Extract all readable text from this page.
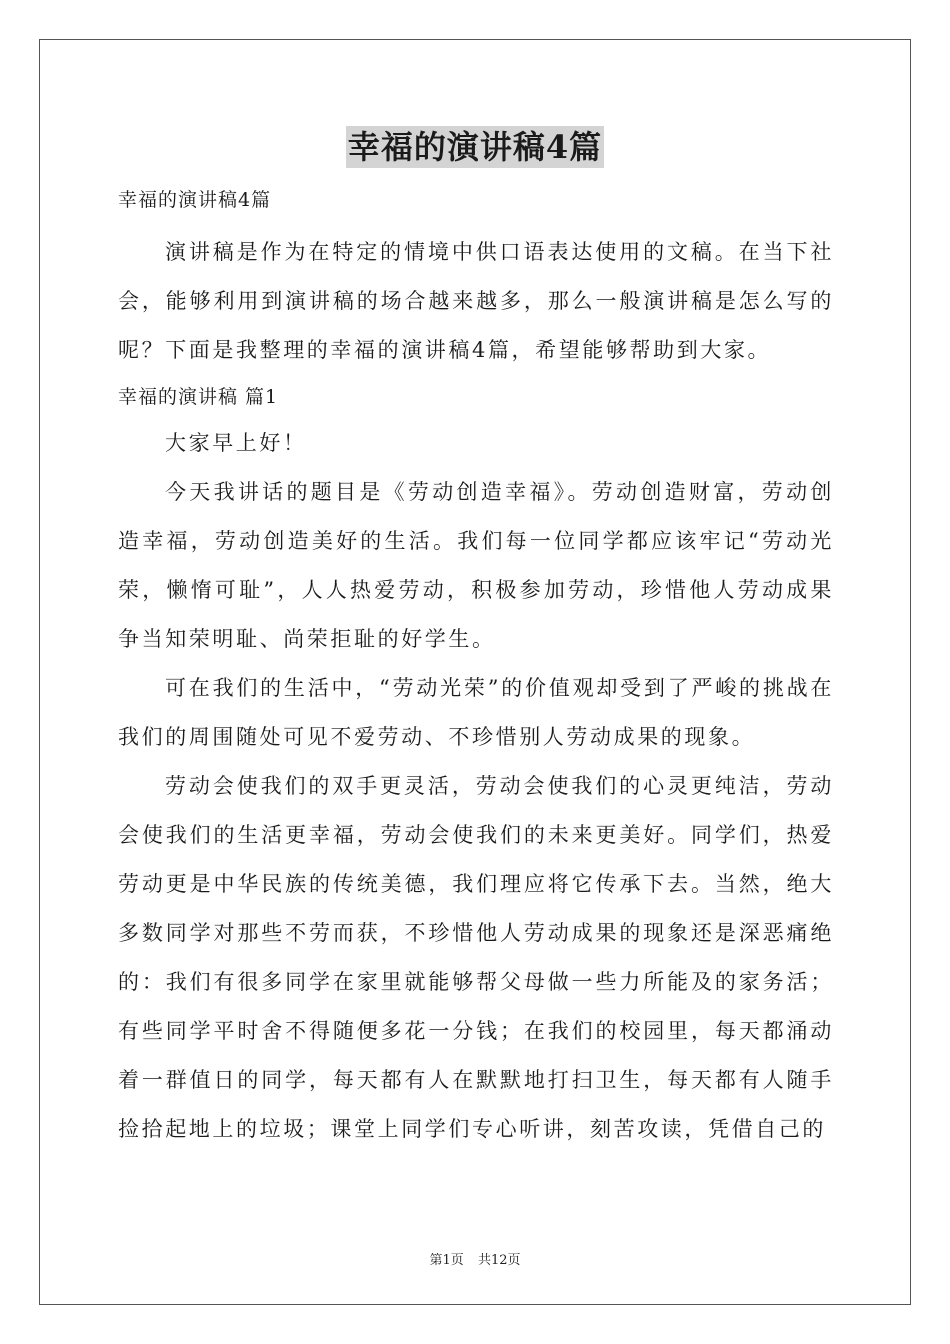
幸福的演讲稿4篇

幸福的演讲稿4篇

演讲稿是作为在特定的情境中供口语表达使用的文稿。在当下社会，能够利用到演讲稿的场合越来越多，那么一般演讲稿是怎么写的呢？下面是我整理的幸福的演讲稿4篇，希望能够帮助到大家。

幸福的演讲稿 篇1

大家早上好！

今天我讲话的题目是《劳动创造幸福》。劳动创造财富，劳动创造幸福，劳动创造美好的生活。我们每一位同学都应该牢记“劳动光荣，懒惰可耻”，人人热爱劳动，积极参加劳动，珍惜他人劳动成果争当知荣明耻、尚荣拒耻的好学生。

可在我们的生活中，“劳动光荣”的价值观却受到了严峻的挑战在我们的周围随处可见不爱劳动、不珍惜别人劳动成果的现象。

劳动会使我们的双手更灵活，劳动会使我们的心灵更纯洁，劳动会使我们的生活更幸福，劳动会使我们的未来更美好。同学们，热爱劳动更是中华民族的传统美德，我们理应将它传承下去。当然，绝大多数同学对那些不劳而获，不珍惜他人劳动成果的现象还是深恶痛绝的：我们有很多同学在家里就能够帮父母做一些力所能及的家务活；有些同学平时舍不得随便多花一分钱；在我们的校园里，每天都涌动着一群值日的同学，每天都有人在默默地打扫卫生，每天都有人随手捡拾起地上的垃圾；课堂上同学们专心听讲，刻苦攻读，凭借自己的

第1页 共12页
